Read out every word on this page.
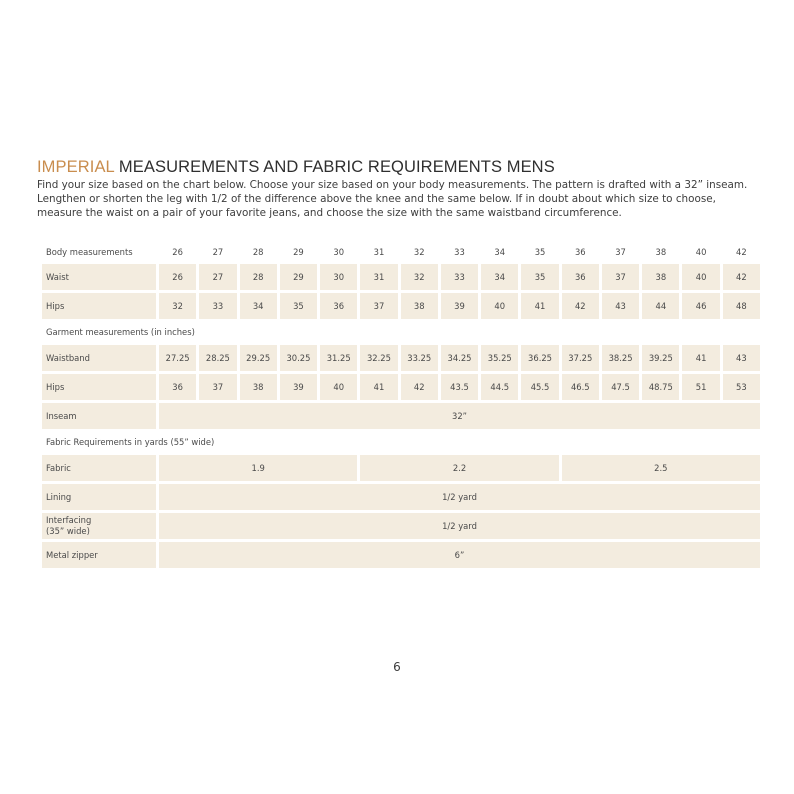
IMPERIAL MEASUREMENTS AND FABRIC REQUIREMENTS MENS

Find your size based on the chart below. Choose your size based on your body measurements. The pattern is drafted with a 32” inseam. Lengthen or shorten the leg with 1/2 of the difference above the knee and the same below. If in doubt about which size to choose, measure the waist on a pair of your favorite jeans, and choose the size with the same waistband circumference.

Body measurements	26	27	28	29	30	31	32	33	34	35	36	37	38	40	42
Waist	26	27	28	29	30	31	32	33	34	35	36	37	38	40	42
Hips	32	33	34	35	36	37	38	39	40	41	42	43	44	46	48
Garment measurements (in inches)															
Waistband	27.25	28.25	29.25	30.25	31.25	32.25	33.25	34.25	35.25	36.25	37.25	38.25	39.25	41	43
Hips	36	37	38	39	40	41	42	43.5	44.5	45.5	46.5	47.5	48.75	51	53
Inseam	32”														
Fabric Requirements in yards (55” wide)															
Fabric	1.9					2.2					2.5				
Lining	1/2 yard														
Interfacing
(35” wide)	1/2 yard														
Metal zipper	6”														
6
